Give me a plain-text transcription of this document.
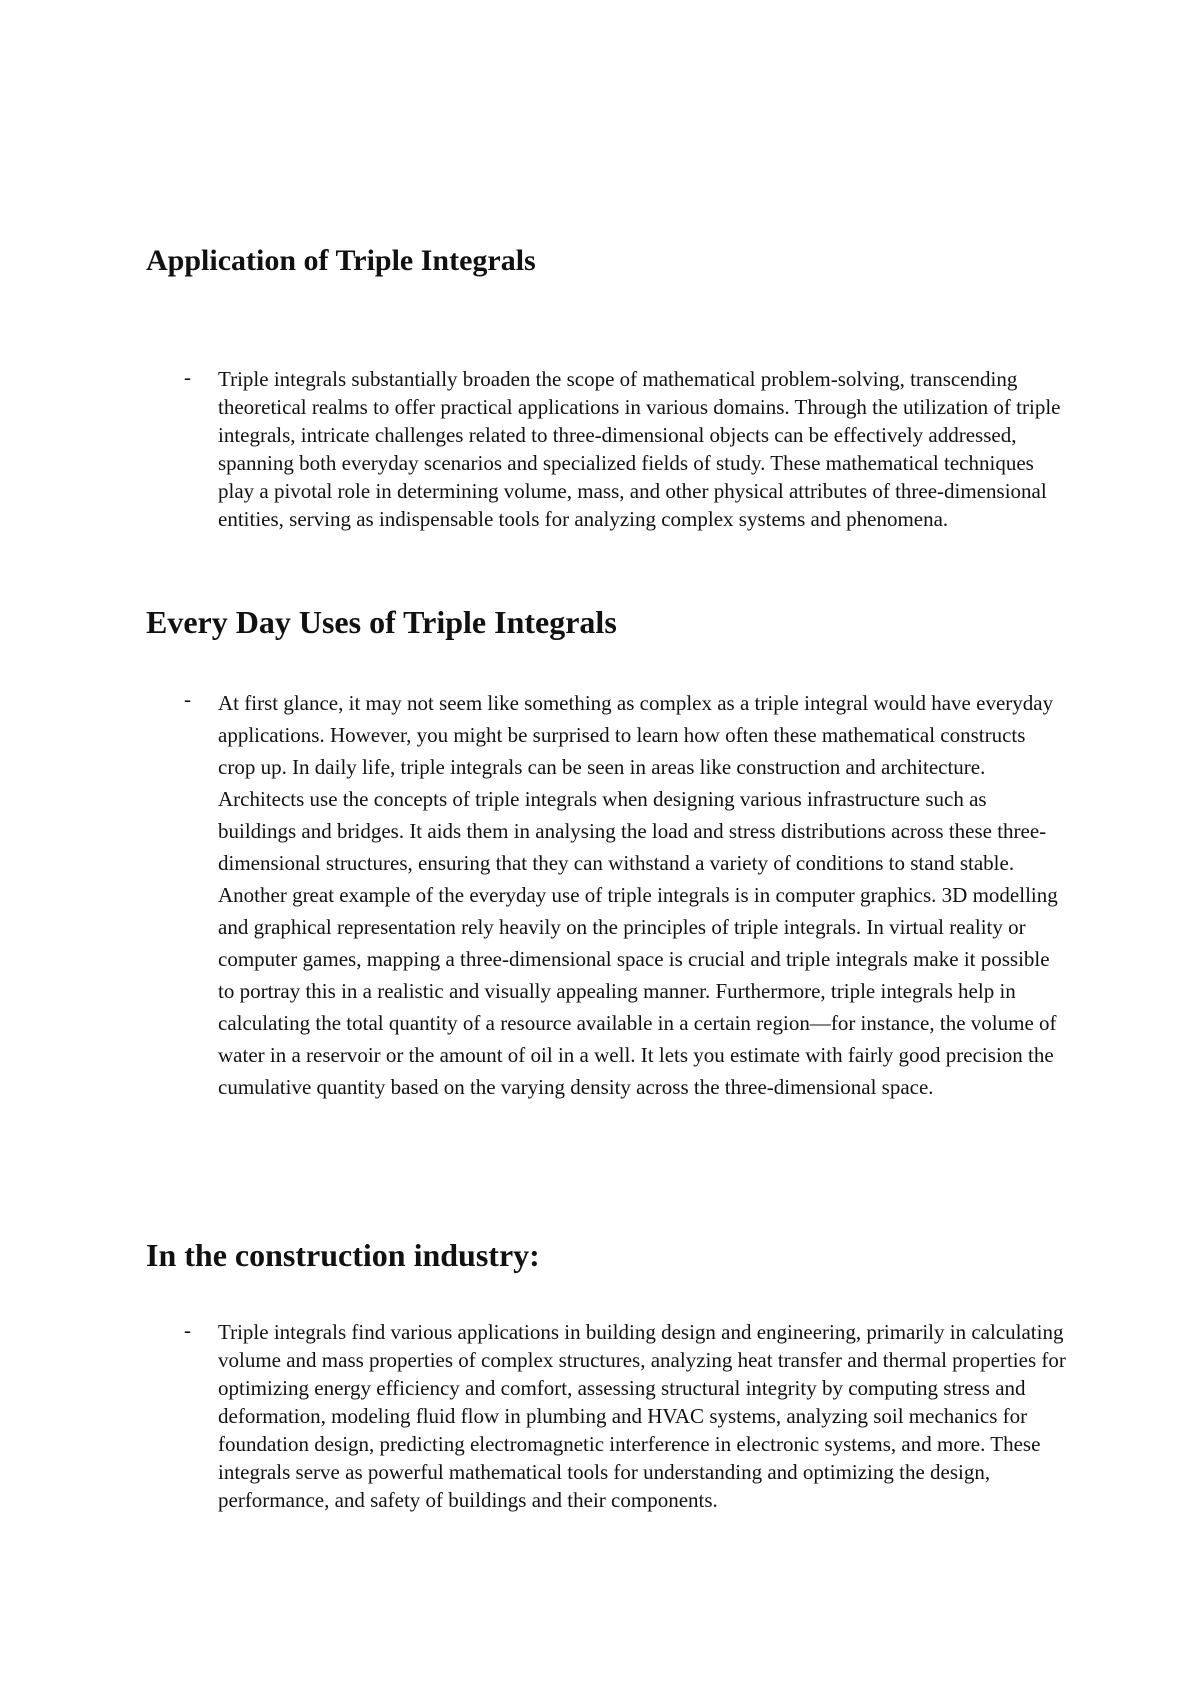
Application of Triple Integrals
- Triple integrals substantially broaden the scope of mathematical problem-solving, transcending theoretical realms to offer practical applications in various domains. Through the utilization of triple integrals, intricate challenges related to three-dimensional objects can be effectively addressed, spanning both everyday scenarios and specialized fields of study. These mathematical techniques play a pivotal role in determining volume, mass, and other physical attributes of three-dimensional entities, serving as indispensable tools for analyzing complex systems and phenomena.

Every Day Uses of Triple Integrals
- At first glance, it may not seem like something as complex as a triple integral would have everyday applications. However, you might be surprised to learn how often these mathematical constructs crop up. In daily life, triple integrals can be seen in areas like construction and architecture. Architects use the concepts of triple integrals when designing various infrastructure such as buildings and bridges. It aids them in analysing the load and stress distributions across these three-dimensional structures, ensuring that they can withstand a variety of conditions to stand stable. Another great example of the everyday use of triple integrals is in computer graphics. 3D modelling and graphical representation rely heavily on the principles of triple integrals. In virtual reality or computer games, mapping a three-dimensional space is crucial and triple integrals make it possible to portray this in a realistic and visually appealing manner. Furthermore, triple integrals help in calculating the total quantity of a resource available in a certain region—for instance, the volume of water in a reservoir or the amount of oil in a well. It lets you estimate with fairly good precision the cumulative quantity based on the varying density across the three-dimensional space.

In the construction industry:
- Triple integrals find various applications in building design and engineering, primarily in calculating volume and mass properties of complex structures, analyzing heat transfer and thermal properties for optimizing energy efficiency and comfort, assessing structural integrity by computing stress and deformation, modeling fluid flow in plumbing and HVAC systems, analyzing soil mechanics for foundation design, predicting electromagnetic interference in electronic systems, and more. These integrals serve as powerful mathematical tools for understanding and optimizing the design, performance, and safety of buildings and their components.
